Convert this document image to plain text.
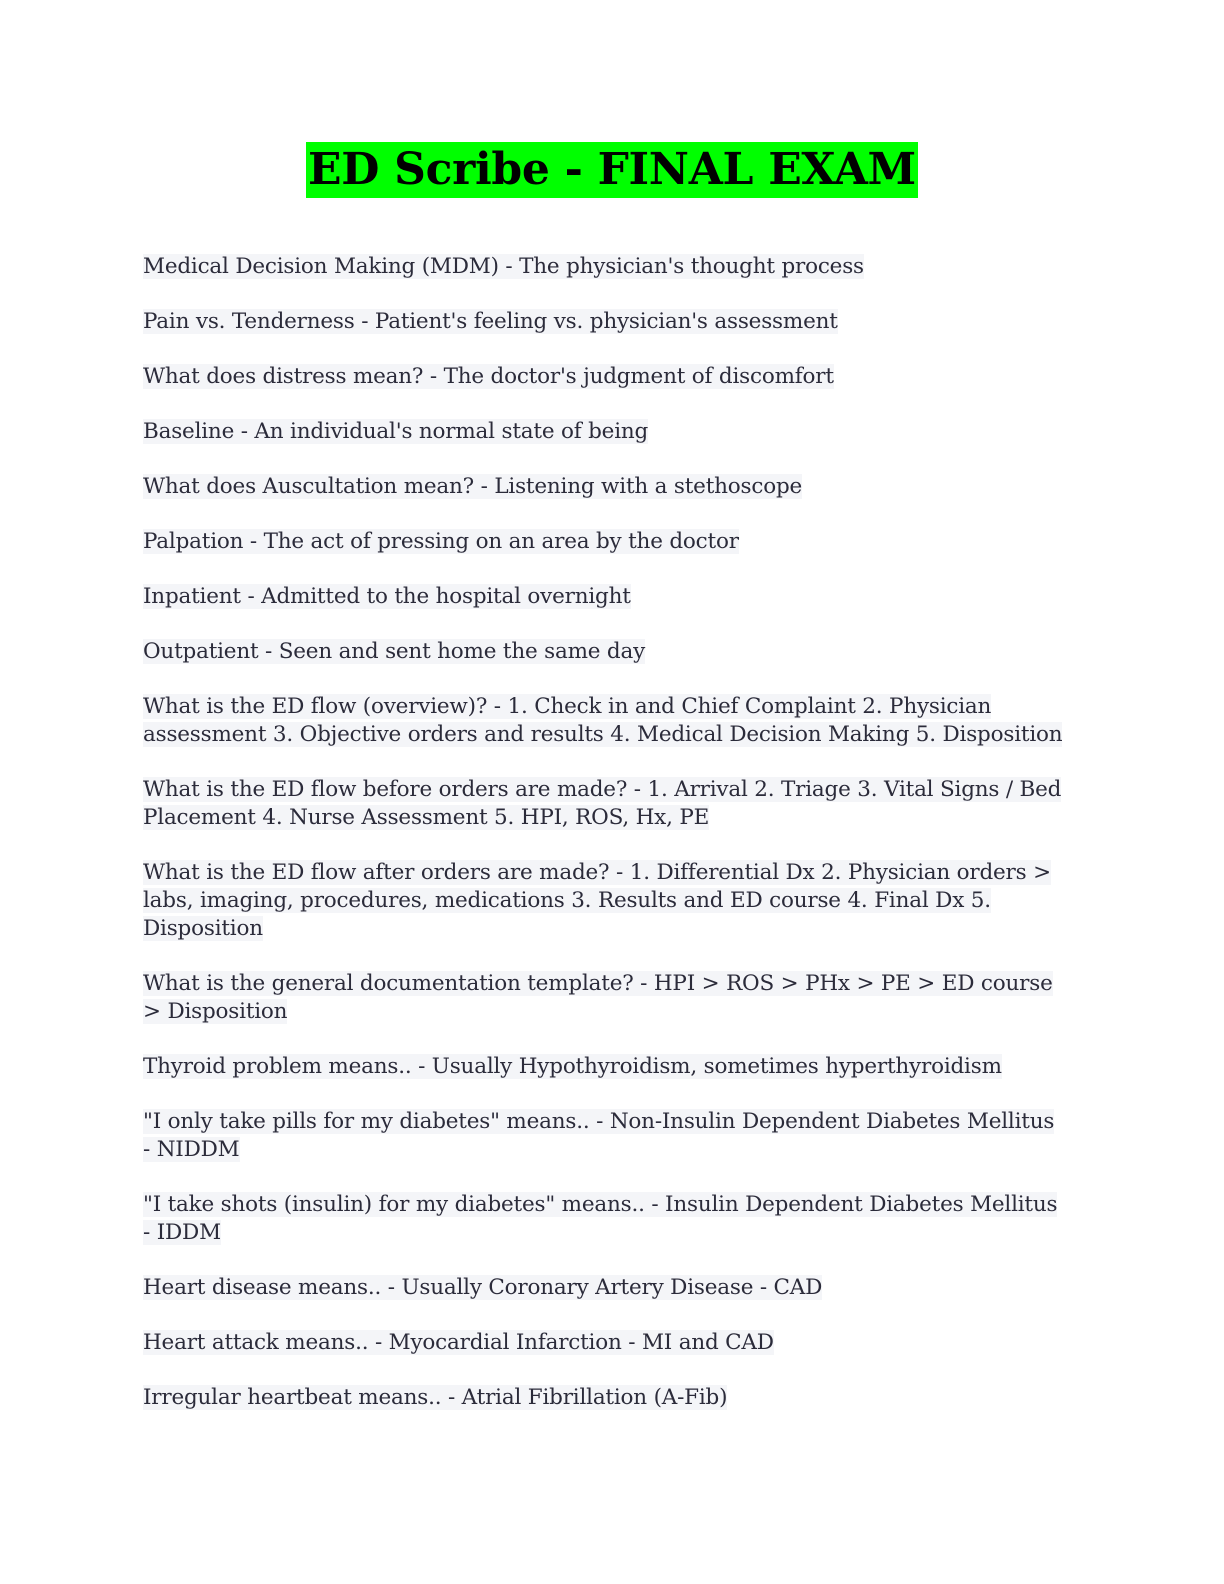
ED Scribe - FINAL EXAM

Medical Decision Making (MDM) - The physician's thought process

Pain vs. Tenderness - Patient's feeling vs. physician's assessment

What does distress mean? - The doctor's judgment of discomfort

Baseline - An individual's normal state of being

What does Auscultation mean? - Listening with a stethoscope

Palpation - The act of pressing on an area by the doctor

Inpatient - Admitted to the hospital overnight

Outpatient - Seen and sent home the same day

What is the ED flow (overview)? - 1. Check in and Chief Complaint 2. Physician assessment 3. Objective orders and results 4. Medical Decision Making 5. Disposition

What is the ED flow before orders are made? - 1. Arrival 2. Triage 3. Vital Signs / Bed Placement 4. Nurse Assessment 5. HPI, ROS, Hx, PE

What is the ED flow after orders are made? - 1. Differential Dx 2. Physician orders > labs, imaging, procedures, medications 3. Results and ED course 4. Final Dx 5. Disposition

What is the general documentation template? - HPI > ROS > PHx > PE > ED course > Disposition

Thyroid problem means.. - Usually Hypothyroidism, sometimes hyperthyroidism

"I only take pills for my diabetes" means.. - Non-Insulin Dependent Diabetes Mellitus - NIDDM

"I take shots (insulin) for my diabetes" means.. - Insulin Dependent Diabetes Mellitus - IDDM

Heart disease means.. - Usually Coronary Artery Disease - CAD

Heart attack means.. - Myocardial Infarction - MI and CAD

Irregular heartbeat means.. - Atrial Fibrillation (A-Fib)
